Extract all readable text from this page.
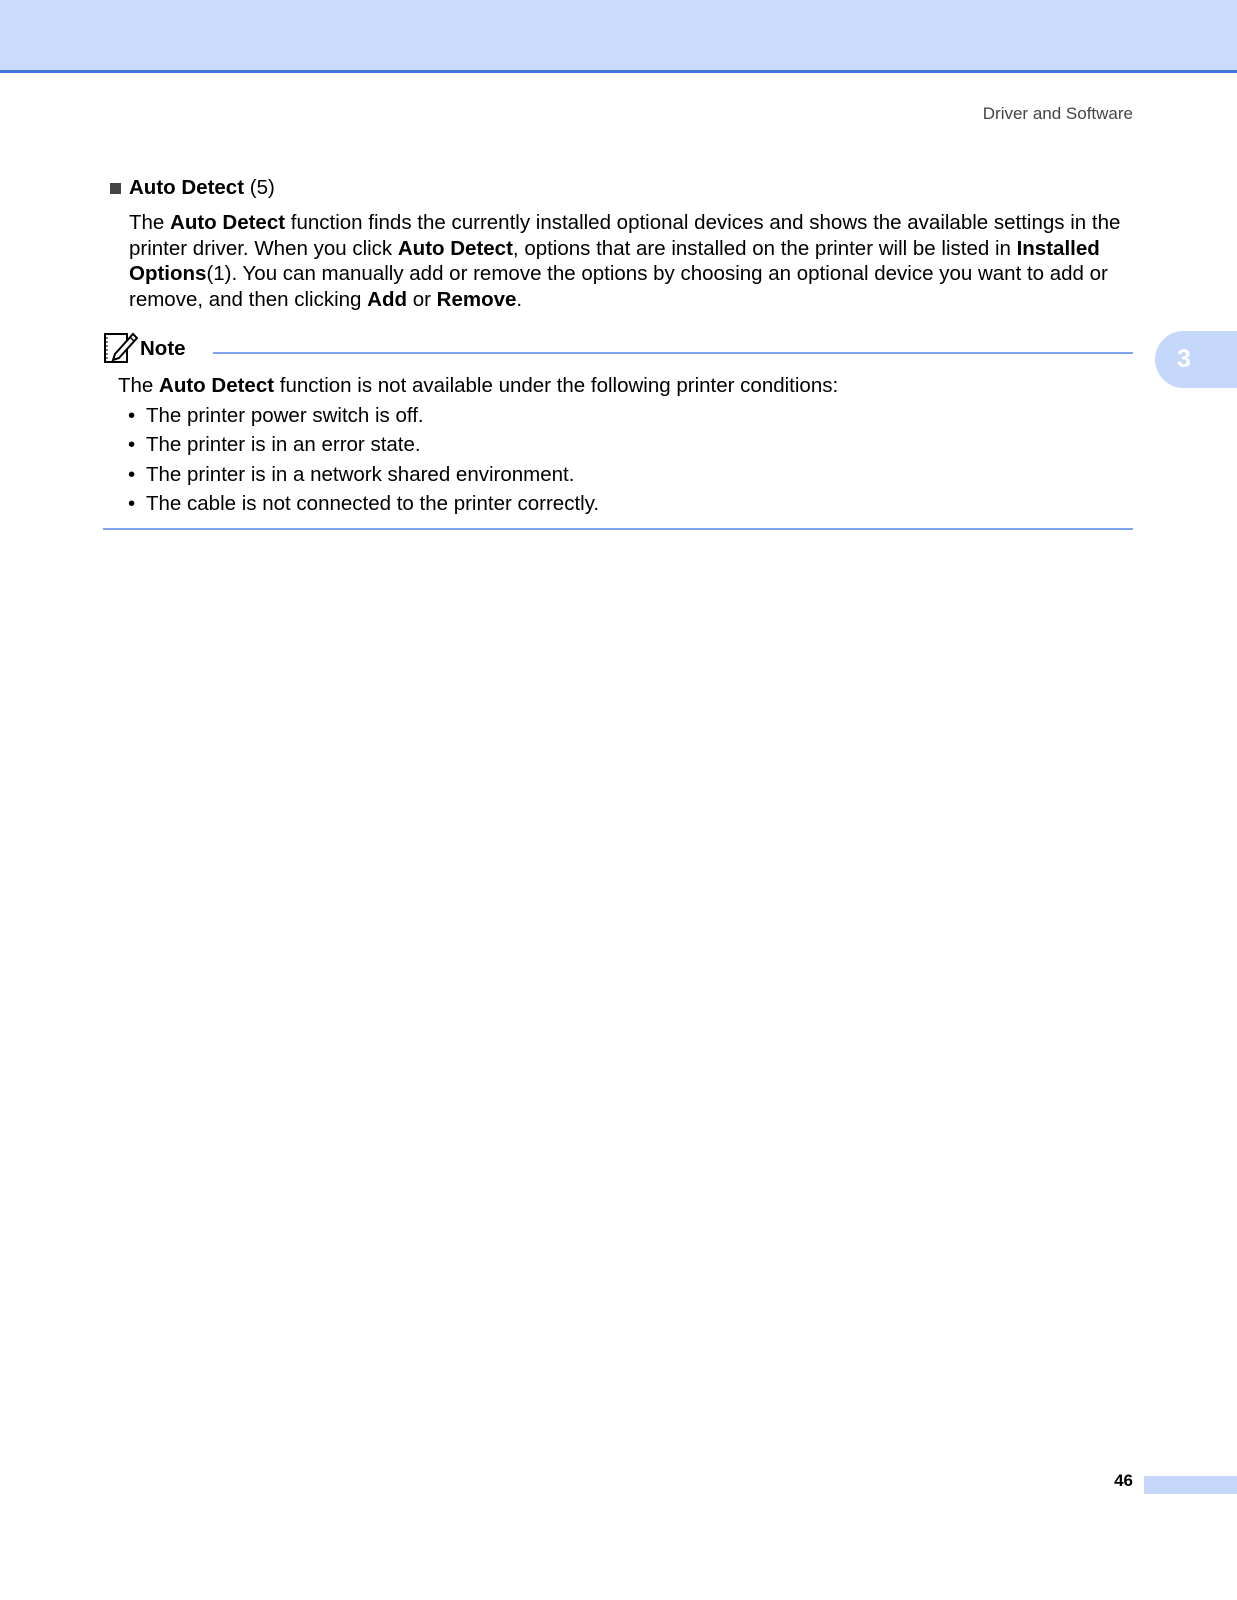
Driver and Software
Auto Detect (5)
The Auto Detect function finds the currently installed optional devices and shows the available settings in the printer driver. When you click Auto Detect, options that are installed on the printer will be listed in Installed Options(1). You can manually add or remove the options by choosing an optional device you want to add or remove, and then clicking Add or Remove.
Note
The Auto Detect function is not available under the following printer conditions:
• The printer power switch is off.
• The printer is in an error state.
• The printer is in a network shared environment.
• The cable is not connected to the printer correctly.
3
46
